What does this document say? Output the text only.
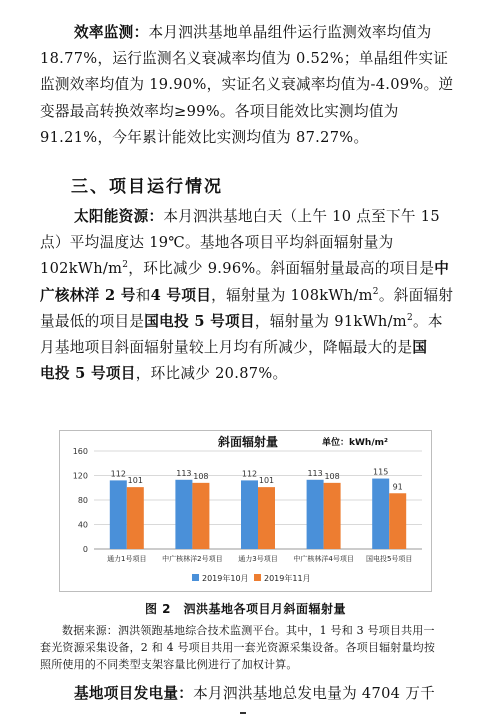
效率监测：本月泗洪基地单晶组件运行监测效率均值为
18.77%，运行监测名义衰减率均值为 0.52%；单晶组件实证
监测效率均值为 19.90%，实证名义衰减率均值为-4.09%。逆
变器最高转换效率均≥99%。各项目能效比实测均值为
91.21%，今年累计能效比实测均值为 87.27%。
三、项目运行情况
太阳能资源：本月泗洪基地白天（上午 10 点至下午 15
点）平均温度达 19℃。基地各项目平均斜面辐射量为
$102kWh/m^2$，环比减少 9.96%。斜面辐射量最高的项目是中
广核林洋 2 号和4 号项目，辐射量为 $108kWh/m^2$。斜面辐射
量最低的项目是国电投 5 号项目，辐射量为 $91kWh/m^2$。本
月基地项目斜面辐射量较上月均有所减少，降幅最大的是国
电投 5 号项目，环比减少 20.87%。
斜面辐射量	单位：kWh/m²
0
40
80
120
160
112
101
通力1号项目
113 108
中广核林洋2号项目
112
101
通力3号项目
113 108
中广核林洋4号项目
115
91
国电投5号项目
2019年10月 2019年11月
图 2　泗洪基地各项目月斜面辐射量
数据来源：泗洪领跑基地综合技术监测平台。其中，1 号和 3 号项目共用一
套光资源采集设备，2 和 4 号项目共用一套光资源采集设备。各项目辐射量均按
照所使用的不同类型支架容量比例进行了加权计算。
基地项目发电量：本月泗洪基地总发电量为 4704 万千
